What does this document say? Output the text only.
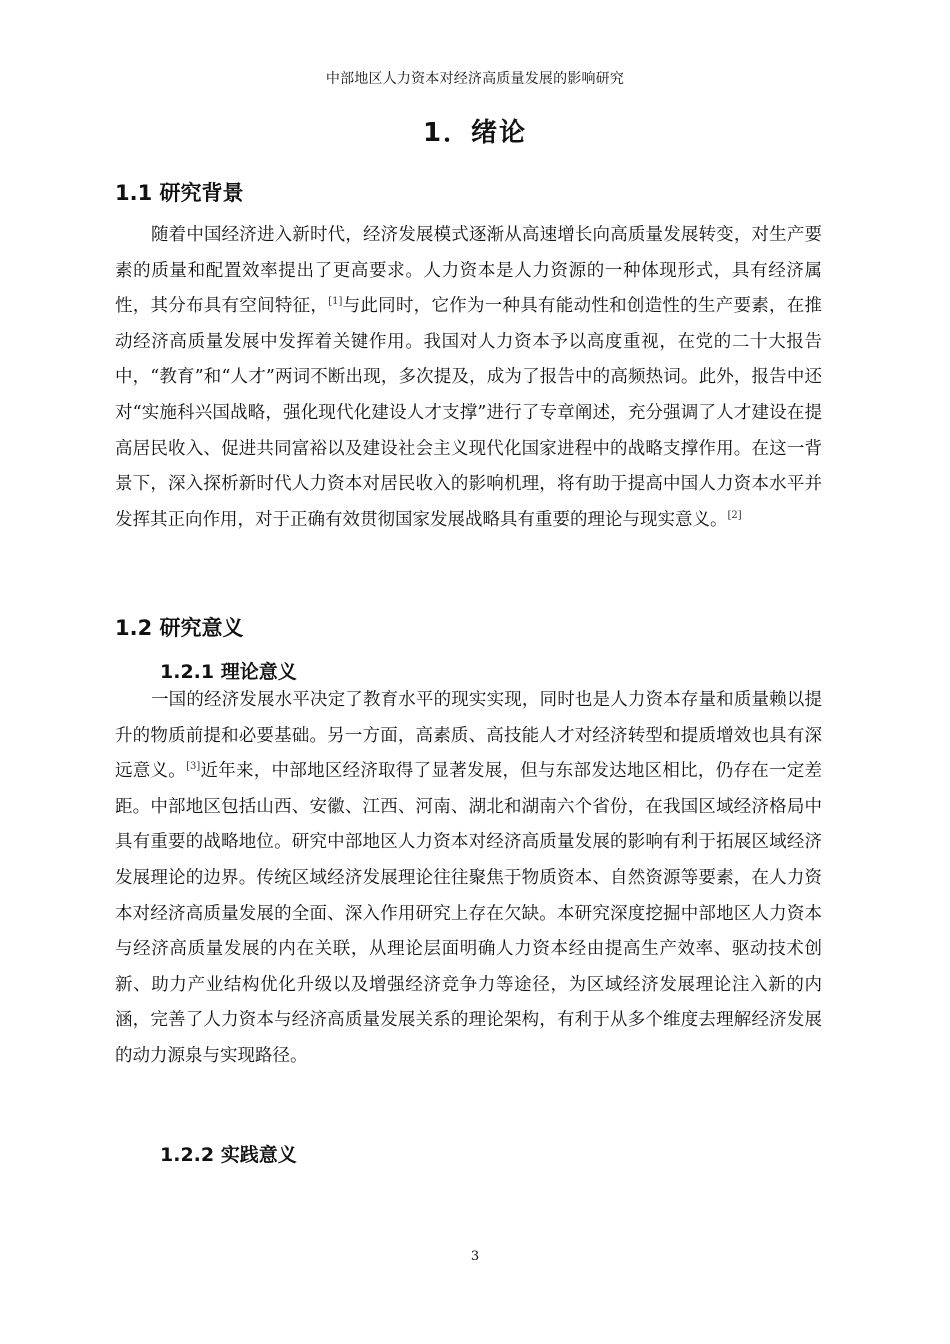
中部地区人力资本对经济高质量发展的影响研究
1．绪论
1.1 研究背景

随着中国经济进入新时代，经济发展模式逐渐从高速增长向高质量发展转变，对生产要素的质量和配置效率提出了更高要求。人力资本是人力资源的一种体现形式，具有经济属性，其分布具有空间特征，[1]与此同时，它作为一种具有能动性和创造性的生产要素，在推动经济高质量发展中发挥着关键作用。我国对人力资本予以高度重视，在党的二十大报告中，“教育”和“人才”两词不断出现，多次提及，成为了报告中的高频热词。此外，报告中还对“实施科兴国战略，强化现代化建设人才支撑”进行了专章阐述，充分强调了人才建设在提高居民收入、促进共同富裕以及建设社会主义现代化国家进程中的战略支撑作用。在这一背景下，深入探析新时代人力资本对居民收入的影响机理，将有助于提高中国人力资本水平并发挥其正向作用，对于正确有效贯彻国家发展战略具有重要的理论与现实意义。[2]

1.2 研究意义
1.2.1 理论意义

一国的经济发展水平决定了教育水平的现实实现，同时也是人力资本存量和质量赖以提升的物质前提和必要基础。另一方面，高素质、高技能人才对经济转型和提质增效也具有深远意义。[3]近年来，中部地区经济取得了显著发展，但与东部发达地区相比，仍存在一定差距。中部地区包括山西、安徽、江西、河南、湖北和湖南六个省份，在我国区域经济格局中具有重要的战略地位。研究中部地区人力资本对经济高质量发展的影响有利于拓展区域经济发展理论的边界。传统区域经济发展理论往往聚焦于物质资本、自然资源等要素，在人力资本对经济高质量发展的全面、深入作用研究上存在欠缺。本研究深度挖掘中部地区人力资本与经济高质量发展的内在关联，从理论层面明确人力资本经由提高生产效率、驱动技术创新、助力产业结构优化升级以及增强经济竞争力等途径，为区域经济发展理论注入新的内涵，完善了人力资本与经济高质量发展关系的理论架构，有利于从多个维度去理解经济发展的动力源泉与实现路径。

1.2.2 实践意义
3
